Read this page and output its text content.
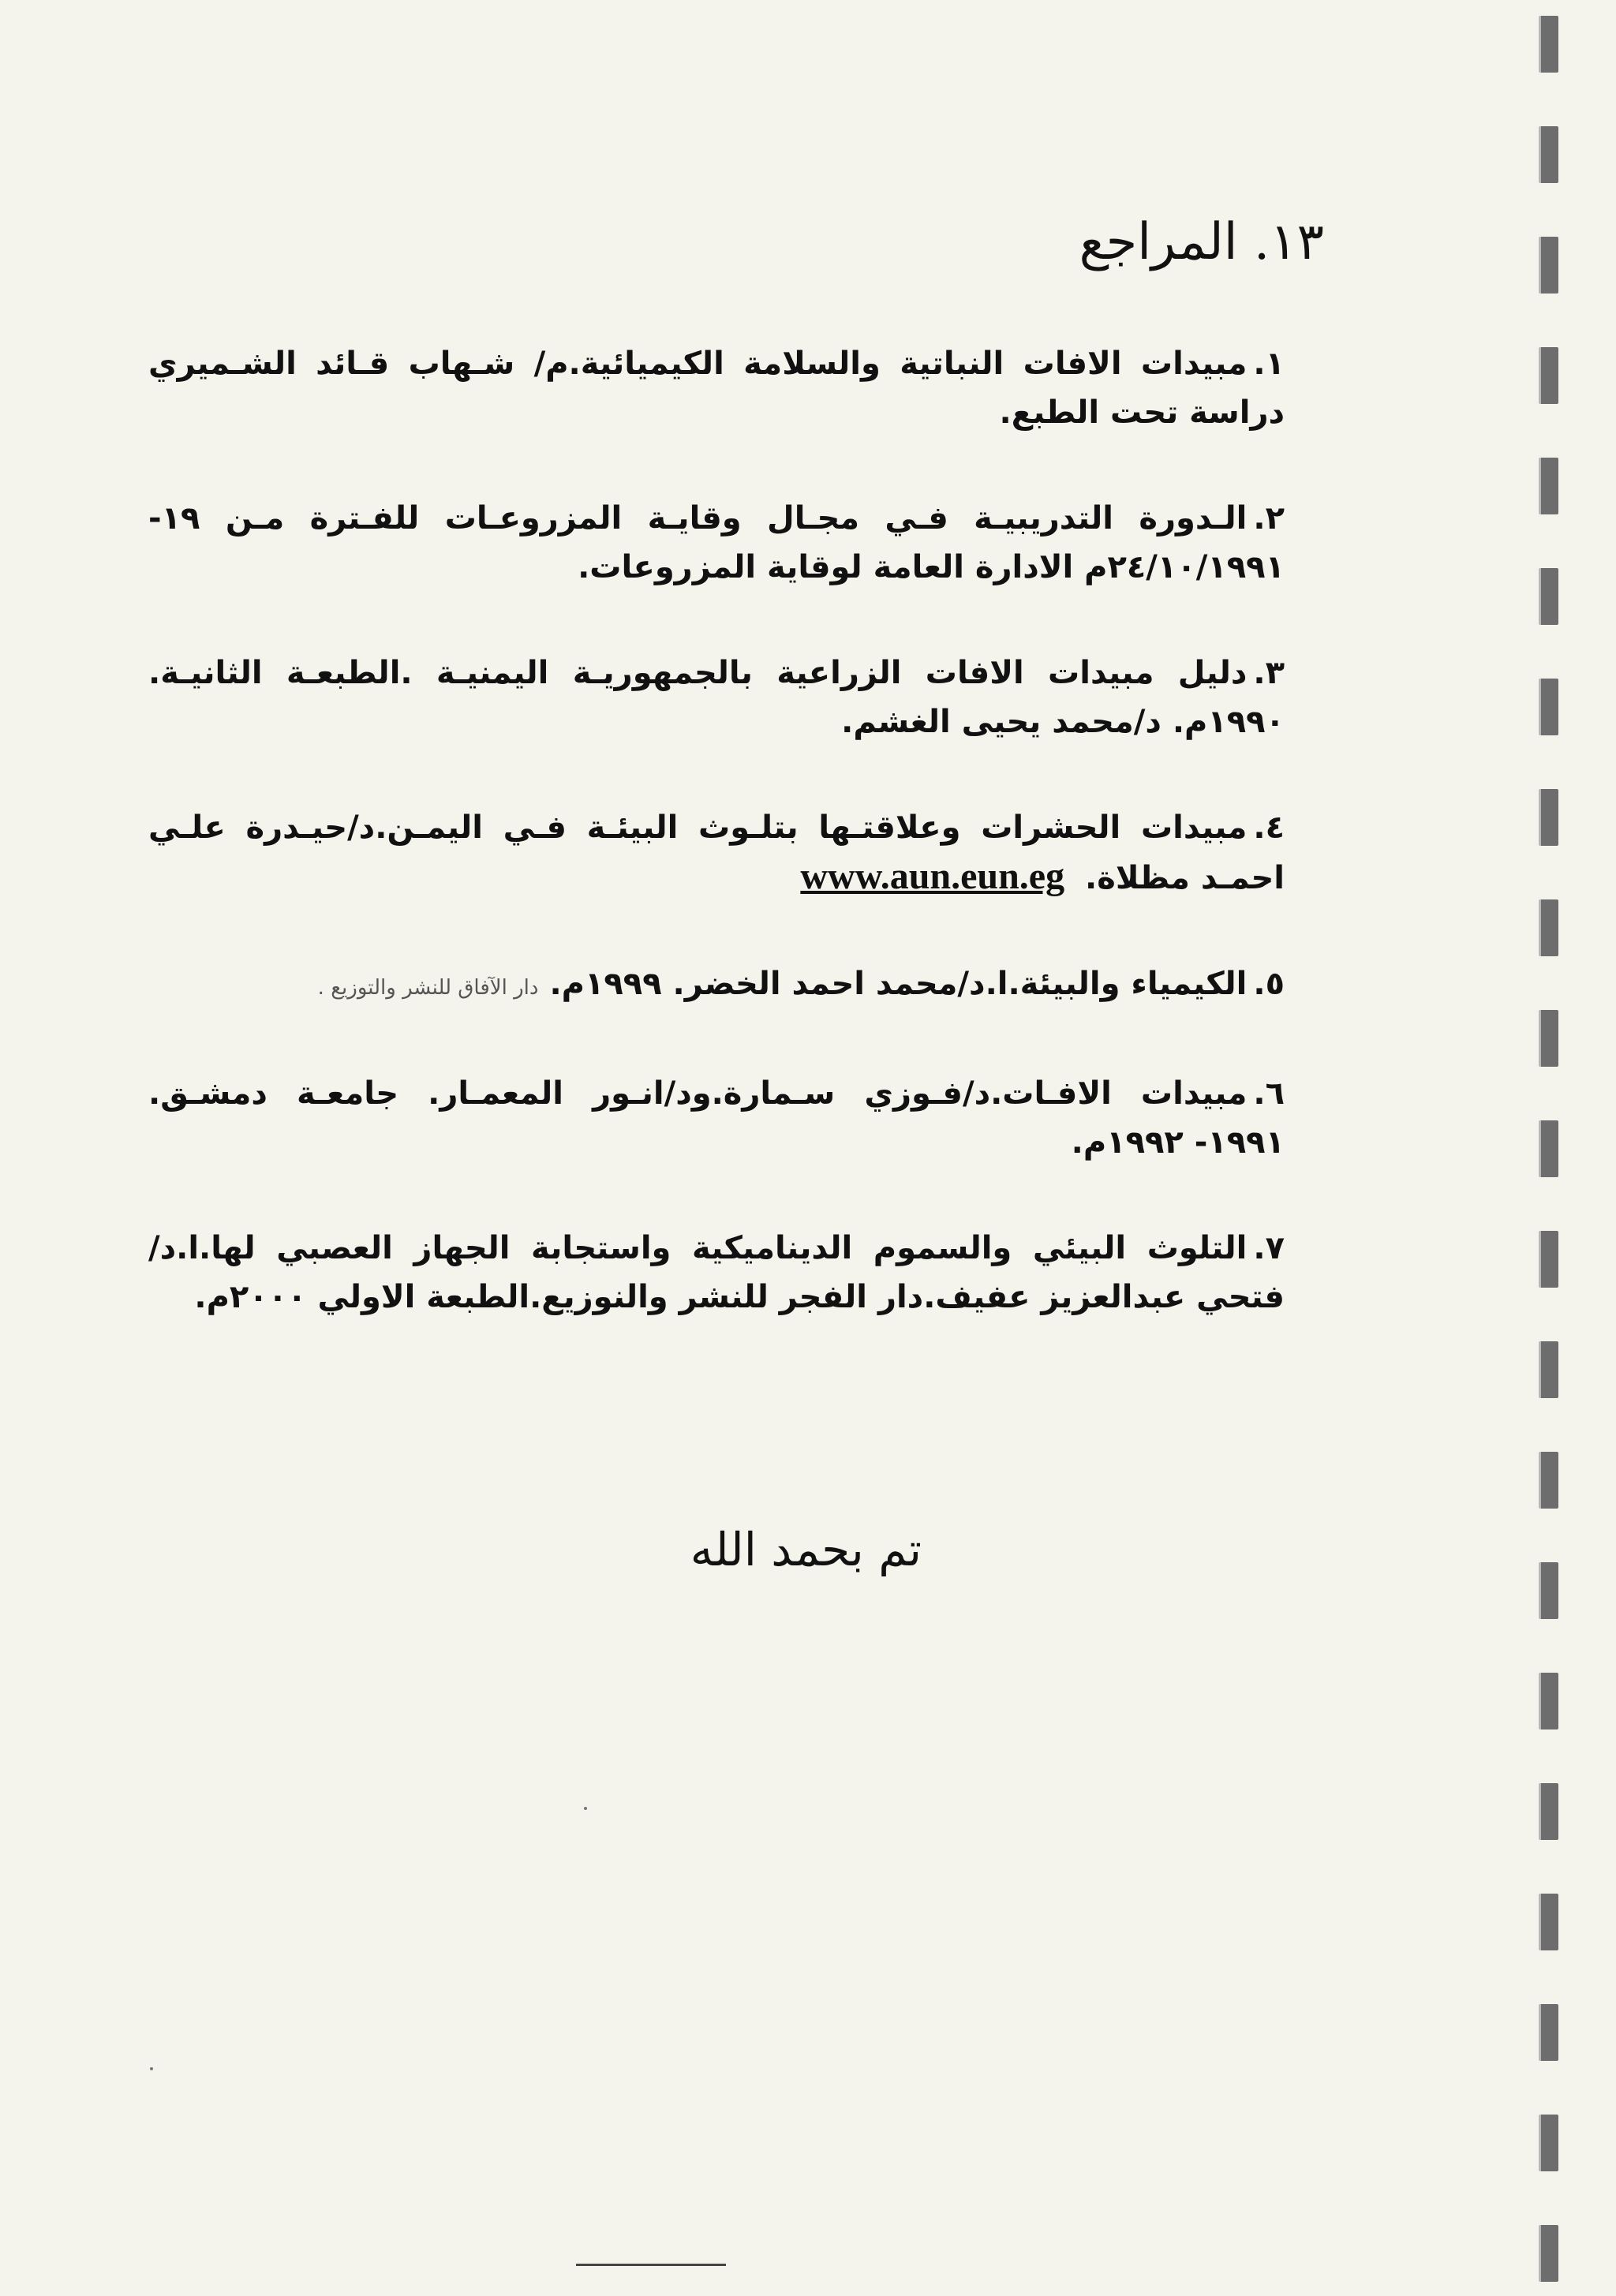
١٣. المراجع
١.مبيدات الافات النباتية والسلامة الكيميائية.م/ شـهاب قـائد الشـميري دراسة تحت الطبع.
٢.الـدورة التدريبيـة فـي مجـال وقايـة المزروعـات للفـترة مـن ١٩- ٢٤/١٠/١٩٩١م الادارة العامة لوقاية المزروعات.
٣.دليل مبيدات الافات الزراعية بالجمهوريـة اليمنيـة .الطبعـة الثانيـة. ١٩٩٠م. د/محمد يحيى الغشم.
٤.مبيدات الحشرات وعلاقتـها بتلـوث البيئـة فـي اليمـن.د/حيـدرة علـي احمـد مظلاة. www.aun.eun.eg
٥.الكيمياء والبيئة.ا.د/محمد احمد الخضر. ١٩٩٩م.دار الآفاق للنشر والتوزيع .
٦.مبيدات الافـات.د/فـوزي سـمارة.ود/انـور المعمـار. جامعـة دمشـق. ١٩٩١- ١٩٩٢م.
٧.التلوث البيئي والسموم الديناميكية واستجابة الجهاز العصبي لها.ا.د/ فتحي عبدالعزيز عفيف.دار الفجر للنشر والنوزيع.الطبعة الاولي ٢٠٠٠م.
تم بحمد الله
